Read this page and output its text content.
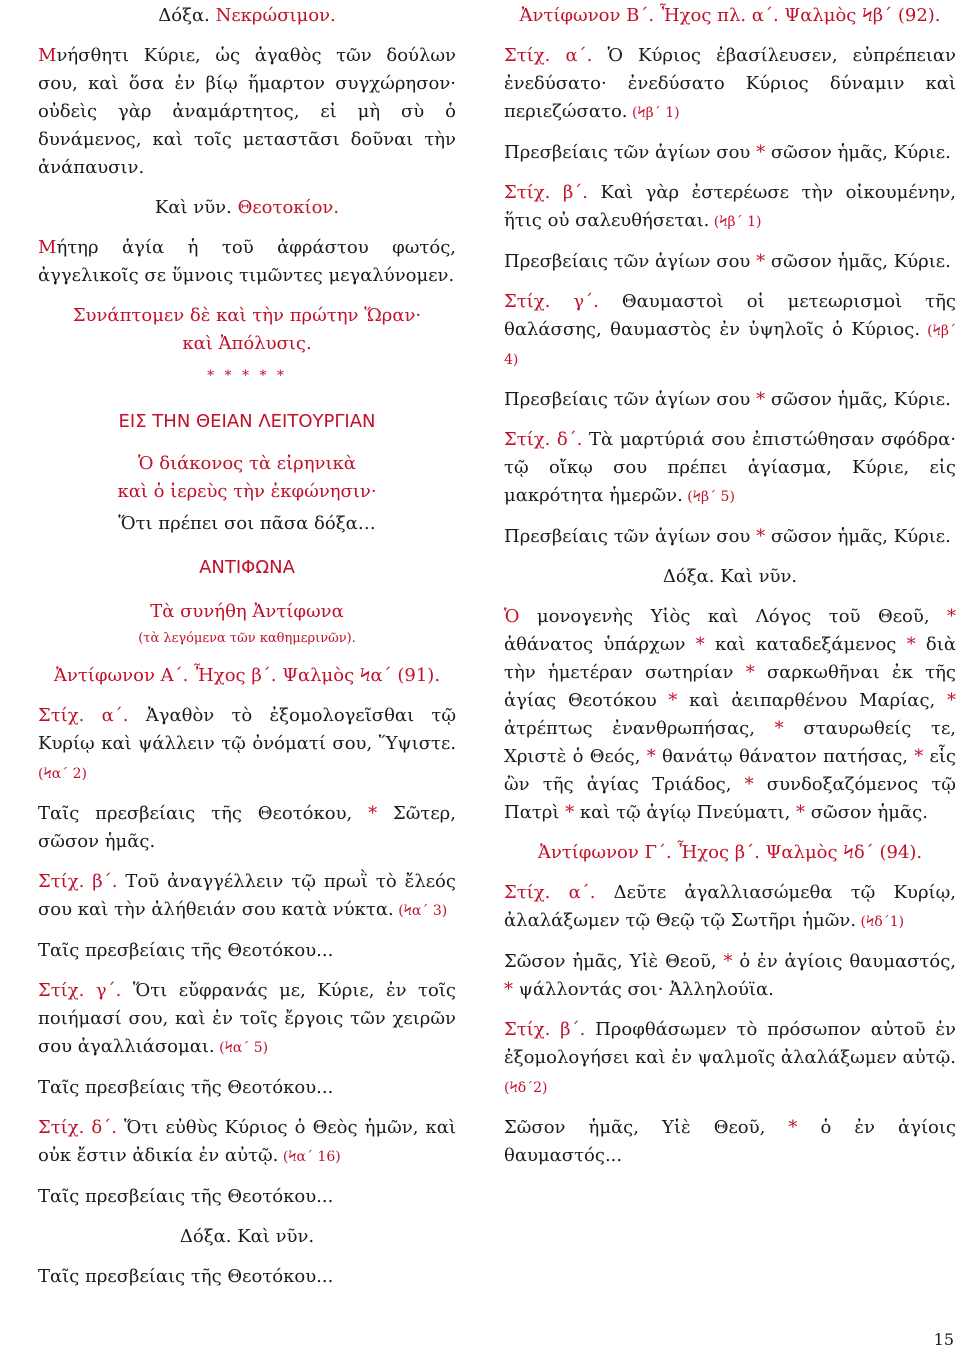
Δόξα. Νεκρώσιμον.

Μνήσθητι Κύριε, ὡς ἀγαθὸς τῶν δούλων σου, καὶ ὅσα ἐν βίῳ ἥμαρτον συγχώρησον· οὐδεὶς γὰρ ἀναμάρτητος, εἰ μὴ σὺ ὁ δυνάμενος, καὶ τοῖς μεταστᾶσι δοῦναι τὴν ἀνάπαυσιν.

Καὶ νῦν. Θεοτοκίον.

Μήτηρ ἁγία ἡ τοῦ ἀφράστου φωτός, ἀγγελικοῖς σε ὕμνοις τιμῶντες μεγαλύνομεν.

Συνάπτομεν δὲ καὶ τὴν πρώτην Ὥραν·
καὶ Ἀπόλυσις.

* * * * *

ΕΙΣ ΤΗΝ ΘΕΙΑΝ ΛΕΙΤΟΥΡΓΙΑΝ

Ὁ διάκονος τὰ εἰρηνικὰ
καὶ ὁ ἱερεὺς τὴν ἐκφώνησιν·

Ὅτι πρέπει σοι πᾶσα δόξα…

ΑΝΤΙΦΩΝΑ

Τὰ συνήθη Ἀντίφωνα

(τὰ λεγόμενα τῶν καθημερινῶν).

Ἀντίφωνον Α΄. Ἦχος β΄. Ψαλμὸς Ϟα΄ (91).

Στίχ. α΄. Ἀγαθὸν τὸ ἐξομολογεῖσθαι τῷ Κυρίῳ καὶ ψάλλειν τῷ ὀνόματί σου, Ὕψιστε. (Ϟα΄ 2)

Ταῖς πρεσβείαις τῆς Θεοτόκου, * Σῶτερ, σῶσον ἡμᾶς.

Στίχ. β΄. Τοῦ ἀναγγέλλειν τῷ πρωῒ τὸ ἔλεός σου καὶ τὴν ἀλήθειάν σου κατὰ νύκτα. (Ϟα΄ 3)

Ταῖς πρεσβείαις τῆς Θεοτόκου...

Στίχ. γ΄. Ὅτι εὔφρανάς με, Κύριε, ἐν τοῖς ποιήμασί σου, καὶ ἐν τοῖς ἔργοις τῶν χειρῶν σου ἀγαλλιάσομαι. (Ϟα΄ 5)

Ταῖς πρεσβείαις τῆς Θεοτόκου...

Στίχ. δ΄. Ὅτι εὐθὺς Κύριος ὁ Θεὸς ἡμῶν, καὶ οὐκ ἔστιν ἀδικία ἐν αὐτῷ. (Ϟα΄ 16)

Ταῖς πρεσβείαις τῆς Θεοτόκου...

Δόξα. Καὶ νῦν.

Ταῖς πρεσβείαις τῆς Θεοτόκου...

Ἀντίφωνον Β΄. Ἦχος πλ. α΄. Ψαλμὸς Ϟβ΄ (92).

Στίχ. α΄. Ὁ Κύριος ἐβασίλευσεν, εὐπρέπειαν ἐνεδύσατο· ἐνεδύσατο Κύριος δύναμιν καὶ περιεζώσατο. (Ϟβ΄ 1)

Πρεσβείαις τῶν ἁγίων σου * σῶσον ἡμᾶς, Κύριε.

Στίχ. β΄. Καὶ γὰρ ἐστερέωσε τὴν οἰκουμένην, ἥτις οὐ σαλευθήσεται. (Ϟβ΄ 1)

Πρεσβείαις τῶν ἁγίων σου * σῶσον ἡμᾶς, Κύριε.

Στίχ. γ΄. Θαυμαστοὶ οἱ μετεωρισμοὶ τῆς θαλάσσης, θαυμαστὸς ἐν ὑψηλοῖς ὁ Κύριος. (Ϟβ΄ 4)

Πρεσβείαις τῶν ἁγίων σου * σῶσον ἡμᾶς, Κύριε.

Στίχ. δ΄. Τὰ μαρτύριά σου ἐπιστώθησαν σφόδρα· τῷ οἴκῳ σου πρέπει ἁγίασμα, Κύριε, εἰς μακρότητα ἡμερῶν. (Ϟβ΄ 5)

Πρεσβείαις τῶν ἁγίων σου * σῶσον ἡμᾶς, Κύριε.

Δόξα. Καὶ νῦν.

Ὁ μονογενὴς Υἱὸς καὶ Λόγος τοῦ Θεοῦ, * ἀθάνατος ὑπάρχων * καὶ καταδεξάμενος * διὰ τὴν ἡμετέραν σωτηρίαν * σαρκωθῆναι ἐκ τῆς ἁγίας Θεοτόκου * καὶ ἀειπαρθένου Μαρίας, * ἀτρέπτως ἐνανθρωπήσας, * σταυρωθείς τε, Χριστὲ ὁ Θεός, * θανάτῳ θάνατον πατήσας, * εἷς ὢν τῆς ἁγίας Τριάδος, * συνδοξαζόμενος τῷ Πατρὶ * καὶ τῷ ἁγίῳ Πνεύματι, * σῶσον ἡμᾶς.

Ἀντίφωνον Γ΄. Ἦχος β΄. Ψαλμὸς Ϟδ΄ (94).

Στίχ. α΄. Δεῦτε ἀγαλλιασώμεθα τῷ Κυρίῳ, ἀλαλάξωμεν τῷ Θεῷ τῷ Σωτῆρι ἡμῶν. (Ϟδ΄1)

Σῶσον ἡμᾶς, Υἱὲ Θεοῦ, * ὁ ἐν ἁγίοις θαυμαστός, * ψάλλοντάς σοι· Ἀλληλούϊα.

Στίχ. β΄. Προφθάσωμεν τὸ πρόσωπον αὐτοῦ ἐν ἐξομολογήσει καὶ ἐν ψαλμοῖς ἀλαλάξωμεν αὐτῷ. (Ϟδ΄2)

Σῶσον ἡμᾶς, Υἱὲ Θεοῦ, * ὁ ἐν ἁγίοις θαυμαστός...

15
